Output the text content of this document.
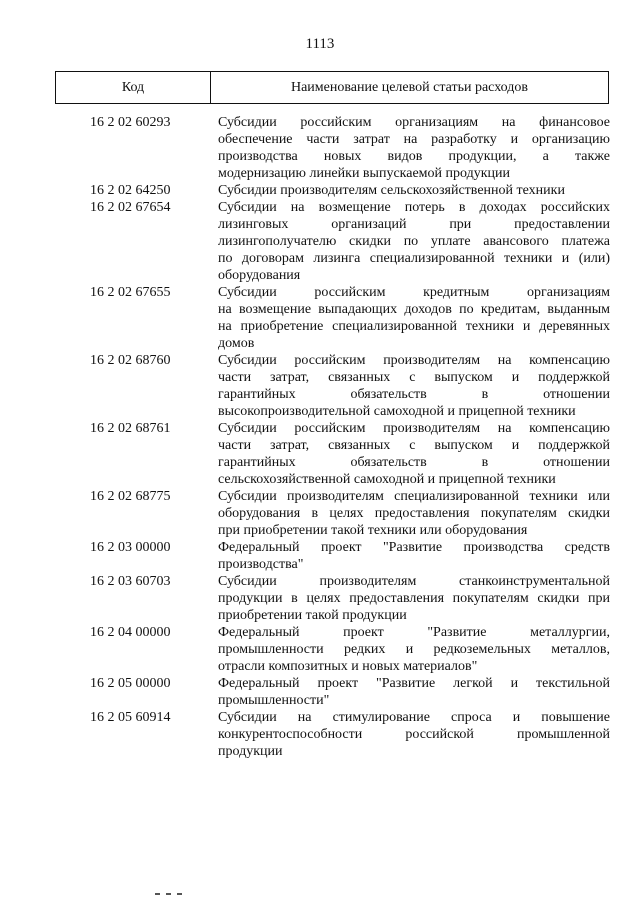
1113
Код	Наименование целевой статьи расходов
16 2 02 60293	Субсидии российским организациям на финансовое
обеспечение части затрат на разработку и организацию
производства новых видов продукции, а также
модернизацию линейки выпускаемой продукции
16 2 02 64250	Субсидии производителям сельскохозяйственной техники
16 2 02 67654	Субсидии на возмещение потерь в доходах российских
лизинговых организаций при предоставлении
лизингополучателю скидки по уплате авансового платежа
по договорам лизинга специализированной техники и (или)
оборудования
16 2 02 67655	Субсидии российским кредитным организациям
на возмещение выпадающих доходов по кредитам, выданным
на приобретение специализированной техники и деревянных
домов
16 2 02 68760	Субсидии российским производителям на компенсацию
части затрат, связанных с выпуском и поддержкой
гарантийных обязательств в отношении
высокопроизводительной самоходной и прицепной техники
16 2 02 68761	Субсидии российским производителям на компенсацию
части затрат, связанных с выпуском и поддержкой
гарантийных обязательств в отношении
сельскохозяйственной самоходной и прицепной техники
16 2 02 68775	Субсидии производителям специализированной техники или
оборудования в целях предоставления покупателям скидки
при приобретении такой техники или оборудования
16 2 03 00000	Федеральный проект "Развитие производства средств
производства"
16 2 03 60703	Субсидии производителям станкоинструментальной
продукции в целях предоставления покупателям скидки при
приобретении такой продукции
16 2 04 00000	Федеральный проект "Развитие металлургии,
промышленности редких и редкоземельных металлов,
отрасли композитных и новых материалов"
16 2 05 00000	Федеральный проект "Развитие легкой и текстильной
промышленности"
16 2 05 60914	Субсидии на стимулирование спроса и повышение
конкурентоспособности российской промышленной
продукции
